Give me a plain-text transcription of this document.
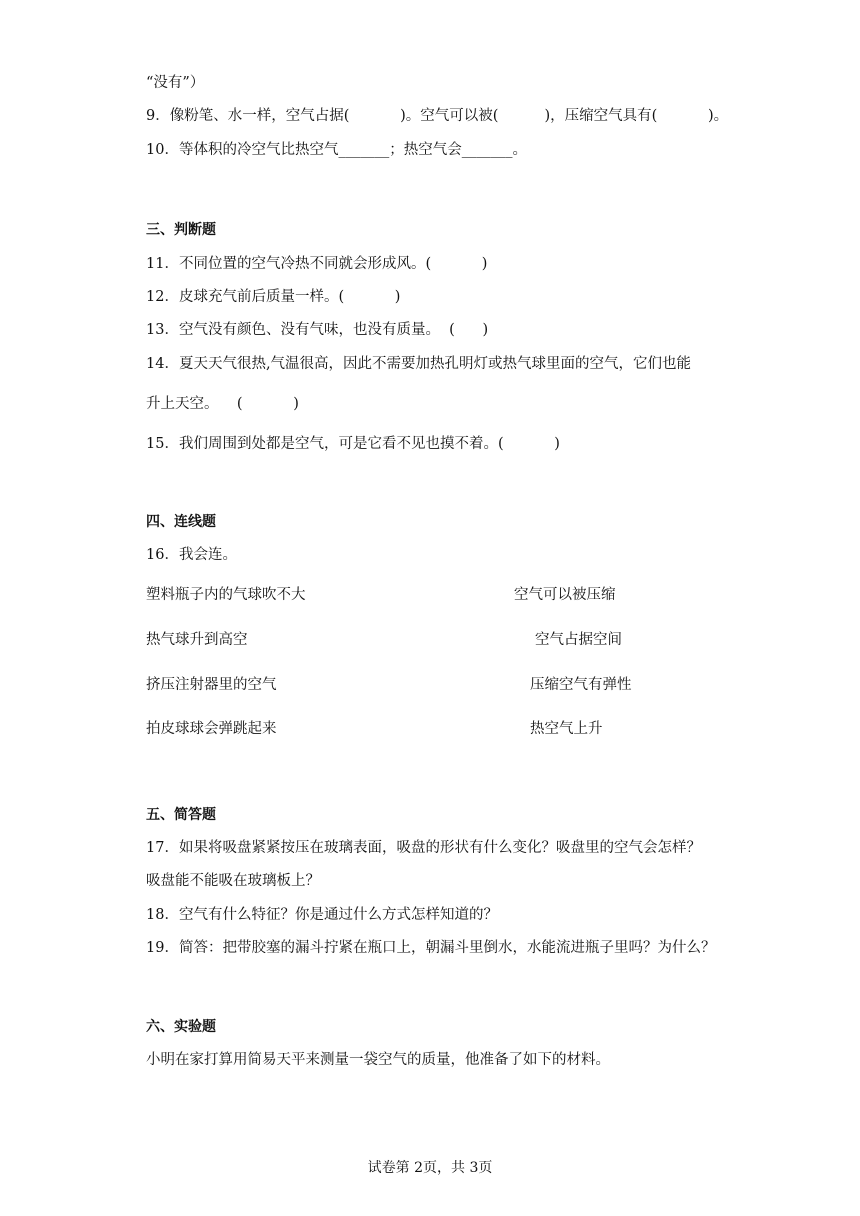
“没有”）
9．像粉笔、水一样，空气占据(           )。空气可以被(          )，压缩空气具有(           )。
10．等体积的冷空气比热空气_______；热空气会_______。
三、判断题
11．不同位置的空气冷热不同就会形成风。(           )
12．皮球充气前后质量一样。(           )
13．空气没有颜色、没有气味，也没有质量。  (      )
14．夏天天气很热,气温很高，因此不需要加热孔明灯或热气球里面的空气，它们也能
升上天空。    (           )
15．我们周围到处都是空气，可是它看不见也摸不着。(           )
四、连线题
16．我会连。
塑料瓶子内的气球吹不大	空气可以被压缩
热气球升到高空	空气占据空间
挤压注射器里的空气	压缩空气有弹性
拍皮球球会弹跳起来	热空气上升
五、简答题
17．如果将吸盘紧紧按压在玻璃表面，吸盘的形状有什么变化？吸盘里的空气会怎样？
吸盘能不能吸在玻璃板上？
18．空气有什么特征？你是通过什么方式怎样知道的？
19．简答：把带胶塞的漏斗拧紧在瓶口上，朝漏斗里倒水，水能流进瓶子里吗？为什么？
六、实验题
小明在家打算用简易天平来测量一袋空气的质量，他准备了如下的材料。
试卷第 2页，共 3页
